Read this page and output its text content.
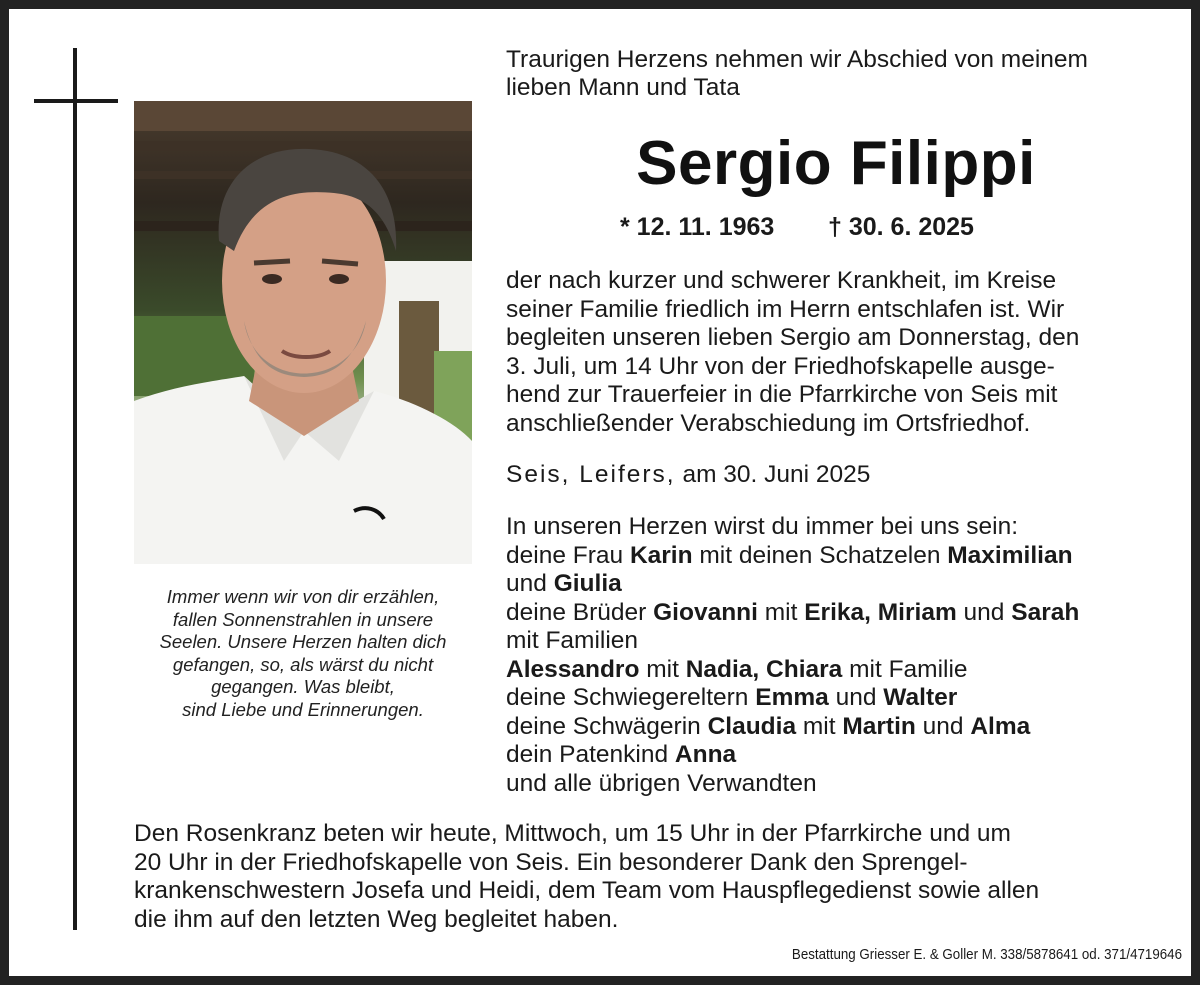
Immer wenn wir von dir erzählen,
fallen Sonnenstrahlen in unsere
Seelen. Unsere Herzen halten dich
gefangen, so, als wärst du nicht
gegangen. Was bleibt,
sind Liebe und Erinnerungen.
Traurigen Herzens nehmen wir Abschied von meinem
lieben Mann und Tata
Sergio Filippi
* 12. 11. 1963 † 30. 6. 2025
der nach kurzer und schwerer Krankheit, im Kreise
seiner Familie friedlich im Herrn entschlafen ist. Wir
begleiten unseren lieben Sergio am Donnerstag, den
3. Juli, um 14 Uhr von der Friedhofskapelle ausge-
hend zur Trauerfeier in die Pfarrkirche von Seis mit
anschließender Verabschiedung im Ortsfriedhof.
Seis, Leifers, am 30. Juni 2025
In unseren Herzen wirst du immer bei uns sein:
deine Frau Karin mit deinen Schatzelen Maximilian
und Giulia
deine Brüder Giovanni mit Erika, Miriam und Sarah
mit Familien
Alessandro mit Nadia, Chiara mit Familie
deine Schwiegereltern Emma und Walter
deine Schwägerin Claudia mit Martin und Alma
dein Patenkind Anna
und alle übrigen Verwandten
Den Rosenkranz beten wir heute, Mittwoch, um 15 Uhr in der Pfarrkirche und um
20 Uhr in der Friedhofskapelle von Seis. Ein besonderer Dank den Sprengel-
krankenschwestern Josefa und Heidi, dem Team vom Hauspflegedienst sowie allen
die ihm auf den letzten Weg begleitet haben.
Bestattung Griesser E. & Goller M. 338/5878641 od. 371/4719646
